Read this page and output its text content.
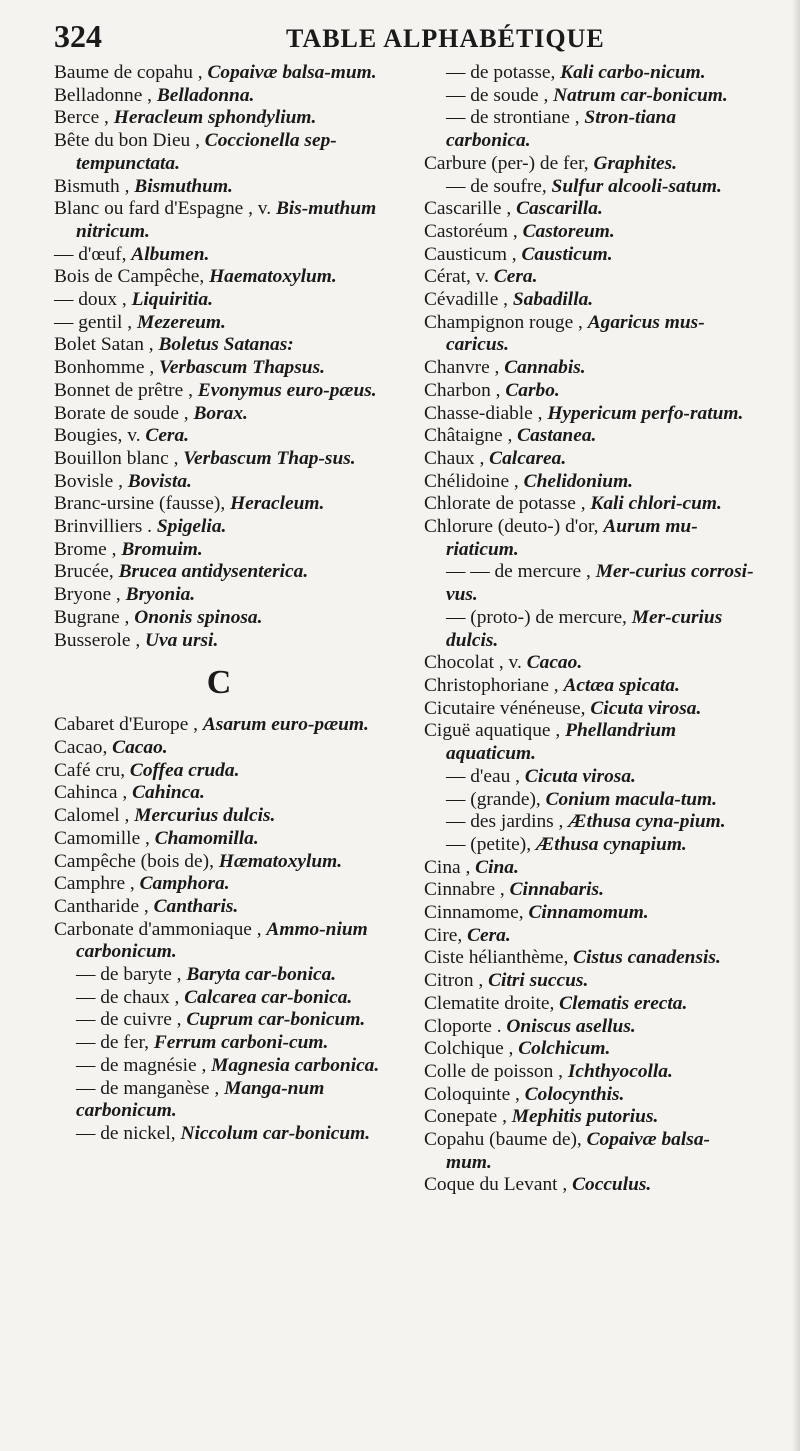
324	TABLE ALPHABÉTIQUE
Baume de copahu , Copaivæ balsa-mum.
Belladonne , Belladonna.
Berce , Heracleum sphondylium.
Bête du bon Dieu , Coccionella sep-tempunctata.
Bismuth , Bismuthum.
Blanc ou fard d'Espagne , v. Bis-muthum nitricum.
— d'œuf, Albumen.
Bois de Campêche, Haematoxylum.
— doux , Liquiritia.
— gentil , Mezereum.
Bolet Satan , Boletus Satanas:
Bonhomme , Verbascum Thapsus.
Bonnet de prêtre , Evonymus euro-pæus.
Borate de soude , Borax.
Bougies, v. Cera.
Bouillon blanc , Verbascum Thap-sus.
Bovisle , Bovista.
Branc-ursine (fausse), Heracleum.
Brinvilliers . Spigelia.
Brome , Bromuim.
Brucée, Brucea antidysenterica.
Bryone , Bryonia.
Bugrane , Ononis spinosa.
Busserole , Uva ursi.
C
Cabaret d'Europe , Asarum euro-pæum.
Cacao, Cacao.
Café cru, Coffea cruda.
Cahinca , Cahinca.
Calomel , Mercurius dulcis.
Camomille , Chamomilla.
Campêche (bois de), Hæmatoxylum.
Camphre , Camphora.
Cantharide , Cantharis.
Carbonate d'ammoniaque , Ammo-nium carbonicum.
— de baryte , Baryta car-bonica.
— de chaux , Calcarea car-bonica.
— de cuivre , Cuprum car-bonicum.
— de fer, Ferrum carboni-cum.
— de magnésie , Magnesia carbonica.
— de manganèse , Manga-num carbonicum.
— de nickel, Niccolum car-bonicum.
— de potasse, Kali carbo-nicum.
— de soude , Natrum car-bonicum.
— de strontiane , Stron-tiana carbonica.
Carbure (per-) de fer, Graphites.
— de soufre, Sulfur alcooli-satum.
Cascarille , Cascarilla.
Castoréum , Castoreum.
Causticum , Causticum.
Cérat, v. Cera.
Cévadille , Sabadilla.
Champignon rouge , Agaricus mus-caricus.
Chanvre , Cannabis.
Charbon , Carbo.
Chasse-diable , Hypericum perfo-ratum.
Châtaigne , Castanea.
Chaux , Calcarea.
Chélidoine , Chelidonium.
Chlorate de potasse , Kali chlori-cum.
Chlorure (deuto-) d'or, Aurum mu-riaticum.
— — de mercure , Mer-curius corrosi-vus.
— (proto-) de mercure, Mer-curius dulcis.
Chocolat , v. Cacao.
Christophoriane , Actæa spicata.
Cicutaire vénéneuse, Cicuta virosa.
Ciguë aquatique , Phellandrium aquaticum.
— d'eau , Cicuta virosa.
— (grande), Conium macula-tum.
— des jardins , Æthusa cyna-pium.
— (petite), Æthusa cynapium.
Cina , Cina.
Cinnabre , Cinnabaris.
Cinnamome, Cinnamomum.
Cire, Cera.
Ciste hélianthème, Cistus canadensis.
Citron , Citri succus.
Clematite droite, Clematis erecta.
Cloporte . Oniscus asellus.
Colchique , Colchicum.
Colle de poisson , Ichthyocolla.
Coloquinte , Colocynthis.
Conepate , Mephitis putorius.
Copahu (baume de), Copaivæ balsa-mum.
Coque du Levant , Cocculus.
